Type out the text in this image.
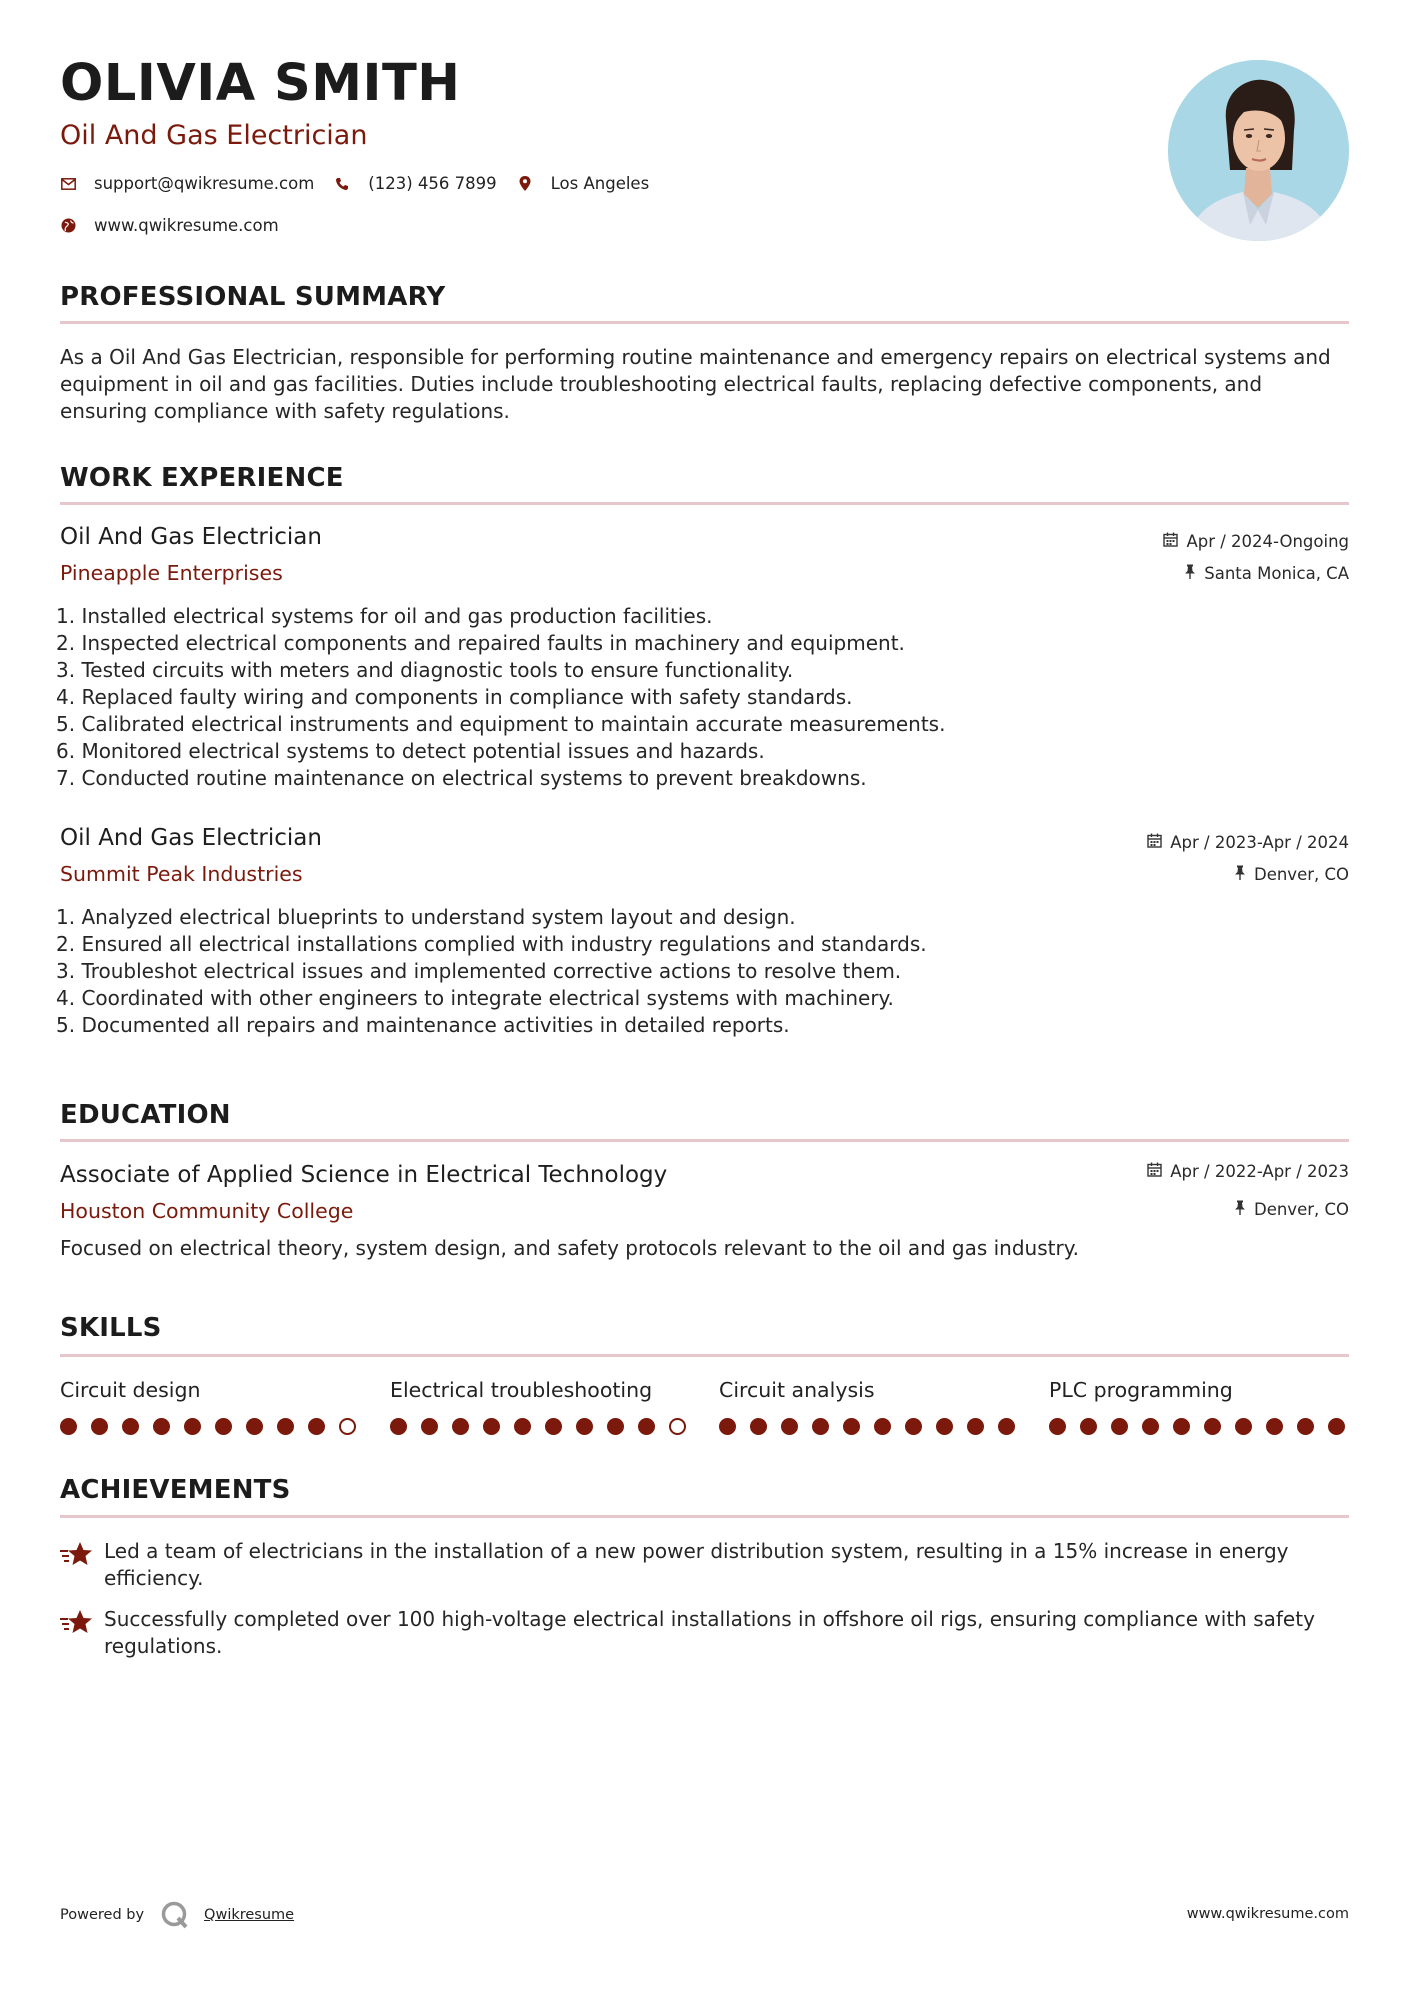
OLIVIA SMITH
Oil And Gas Electrician
support@qwikresume.com	(123) 456 7899	Los Angeles
www.qwikresume.com
PROFESSIONAL SUMMARY
As a Oil And Gas Electrician, responsible for performing routine maintenance and emergency repairs on electrical systems and equipment in oil and gas facilities. Duties include troubleshooting electrical faults, replacing defective components, and ensuring compliance with safety regulations.
WORK EXPERIENCE
Oil And Gas Electrician
Pineapple Enterprises
Apr / 2024-Ongoing
Santa Monica, CA
1. Installed electrical systems for oil and gas production facilities.
2. Inspected electrical components and repaired faults in machinery and equipment.
3. Tested circuits with meters and diagnostic tools to ensure functionality.
4. Replaced faulty wiring and components in compliance with safety standards.
5. Calibrated electrical instruments and equipment to maintain accurate measurements.
6. Monitored electrical systems to detect potential issues and hazards.
7. Conducted routine maintenance on electrical systems to prevent breakdowns.
Oil And Gas Electrician
Summit Peak Industries
Apr / 2023-Apr / 2024
Denver, CO
1. Analyzed electrical blueprints to understand system layout and design.
2. Ensured all electrical installations complied with industry regulations and standards.
3. Troubleshot electrical issues and implemented corrective actions to resolve them.
4. Coordinated with other engineers to integrate electrical systems with machinery.
5. Documented all repairs and maintenance activities in detailed reports.
EDUCATION
Associate of Applied Science in Electrical Technology
Houston Community College
Apr / 2022-Apr / 2023
Denver, CO
Focused on electrical theory, system design, and safety protocols relevant to the oil and gas industry.
SKILLS
Circuit design	Electrical troubleshooting	Circuit analysis	PLC programming
ACHIEVEMENTS
Led a team of electricians in the installation of a new power distribution system, resulting in a 15% increase in energy efficiency.
Successfully completed over 100 high-voltage electrical installations in offshore oil rigs, ensuring compliance with safety regulations.
Powered by	Qwikresume	www.qwikresume.com
